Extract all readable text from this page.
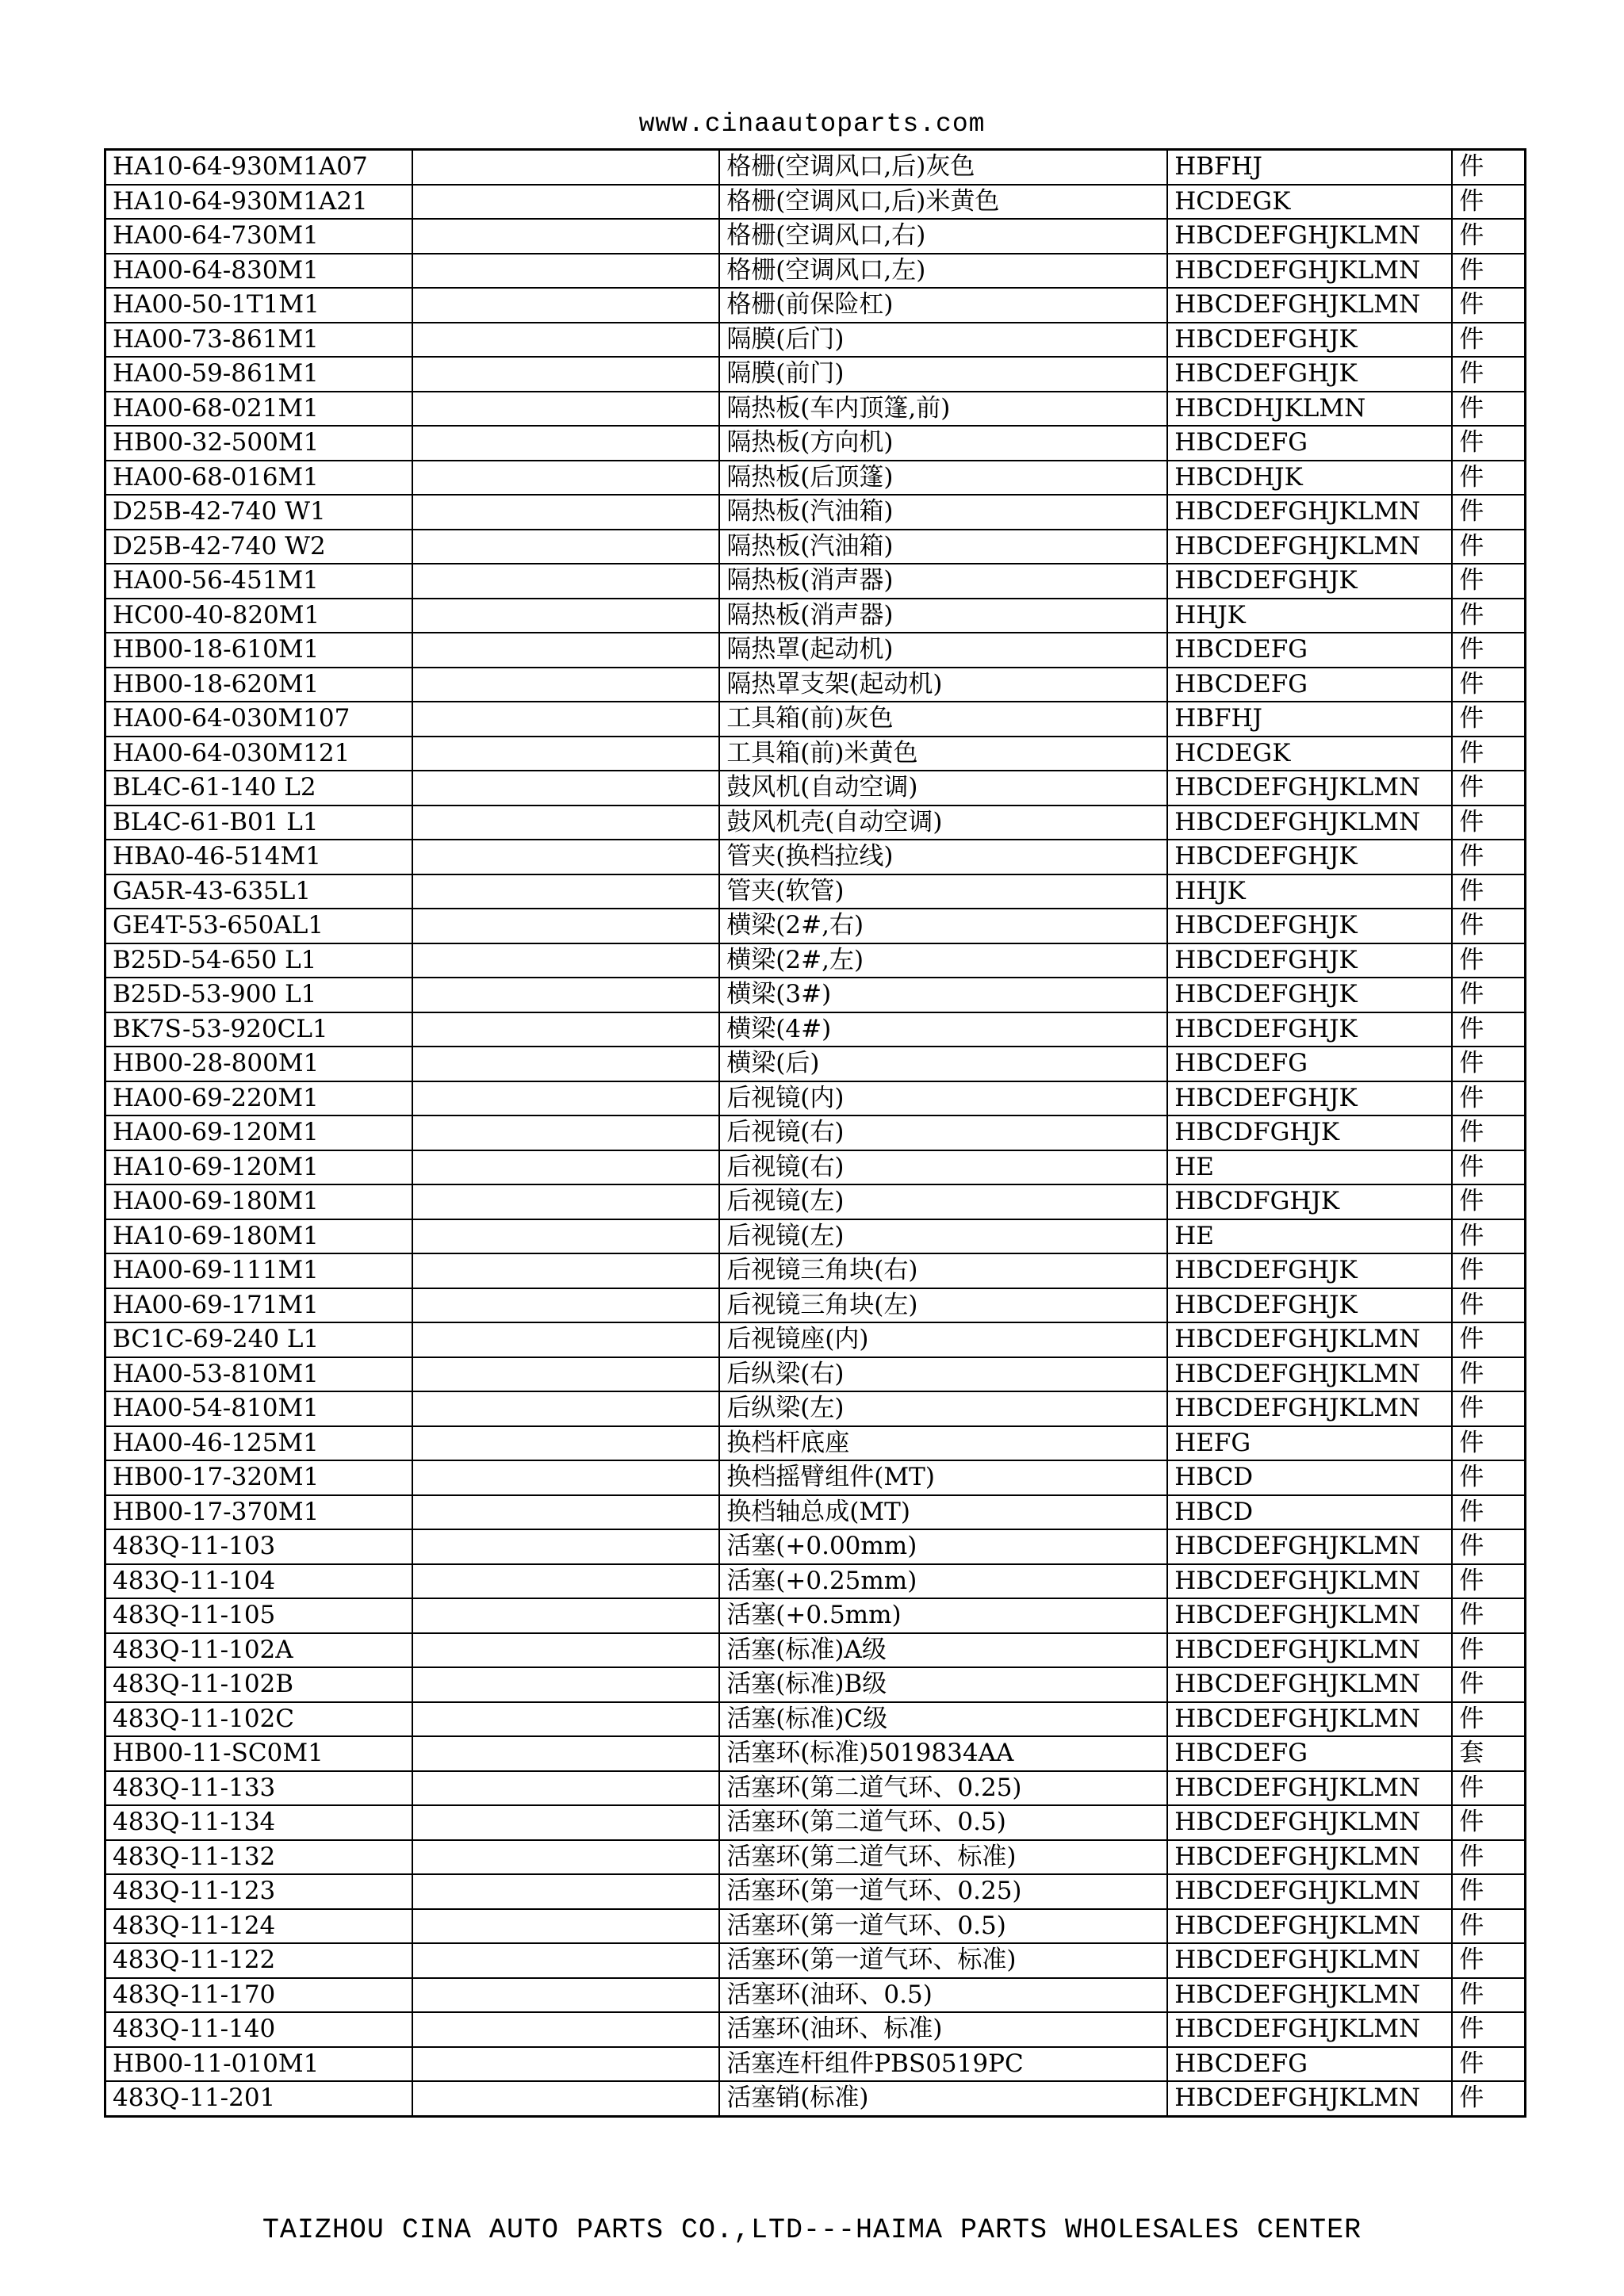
www.cinaautoparts.com
HA10-64-930M1A07		格栅(空调风口,后)灰色	HBFHJ	件
HA10-64-930M1A21		格栅(空调风口,后)米黄色	HCDEGK	件
HA00-64-730M1		格栅(空调风口,右)	HBCDEFGHJKLMN	件
HA00-64-830M1		格栅(空调风口,左)	HBCDEFGHJKLMN	件
HA00-50-1T1M1		格栅(前保险杠)	HBCDEFGHJKLMN	件
HA00-73-861M1		隔膜(后门)	HBCDEFGHJK	件
HA00-59-861M1		隔膜(前门)	HBCDEFGHJK	件
HA00-68-021M1		隔热板(车内顶篷,前)	HBCDHJKLMN	件
HB00-32-500M1		隔热板(方向机)	HBCDEFG	件
HA00-68-016M1		隔热板(后顶篷)	HBCDHJK	件
D25B-42-740 W1		隔热板(汽油箱)	HBCDEFGHJKLMN	件
D25B-42-740 W2		隔热板(汽油箱)	HBCDEFGHJKLMN	件
HA00-56-451M1		隔热板(消声器)	HBCDEFGHJK	件
HC00-40-820M1		隔热板(消声器)	HHJK	件
HB00-18-610M1		隔热罩(起动机)	HBCDEFG	件
HB00-18-620M1		隔热罩支架(起动机)	HBCDEFG	件
HA00-64-030M107		工具箱(前)灰色	HBFHJ	件
HA00-64-030M121		工具箱(前)米黄色	HCDEGK	件
BL4C-61-140 L2		鼓风机(自动空调)	HBCDEFGHJKLMN	件
BL4C-61-B01 L1		鼓风机壳(自动空调)	HBCDEFGHJKLMN	件
HBA0-46-514M1		管夹(换档拉线)	HBCDEFGHJK	件
GA5R-43-635L1		管夹(软管)	HHJK	件
GE4T-53-650AL1		横梁(2#,右)	HBCDEFGHJK	件
B25D-54-650 L1		横梁(2#,左)	HBCDEFGHJK	件
B25D-53-900 L1		横梁(3#)	HBCDEFGHJK	件
BK7S-53-920CL1		横梁(4#)	HBCDEFGHJK	件
HB00-28-800M1		横梁(后)	HBCDEFG	件
HA00-69-220M1		后视镜(内)	HBCDEFGHJK	件
HA00-69-120M1		后视镜(右)	HBCDFGHJK	件
HA10-69-120M1		后视镜(右)	HE	件
HA00-69-180M1		后视镜(左)	HBCDFGHJK	件
HA10-69-180M1		后视镜(左)	HE	件
HA00-69-111M1		后视镜三角块(右)	HBCDEFGHJK	件
HA00-69-171M1		后视镜三角块(左)	HBCDEFGHJK	件
BC1C-69-240 L1		后视镜座(内)	HBCDEFGHJKLMN	件
HA00-53-810M1		后纵梁(右)	HBCDEFGHJKLMN	件
HA00-54-810M1		后纵梁(左)	HBCDEFGHJKLMN	件
HA00-46-125M1		换档杆底座	HEFG	件
HB00-17-320M1		换档摇臂组件(MT)	HBCD	件
HB00-17-370M1		换档轴总成(MT)	HBCD	件
483Q-11-103		活塞(+0.00mm)	HBCDEFGHJKLMN	件
483Q-11-104		活塞(+0.25mm)	HBCDEFGHJKLMN	件
483Q-11-105		活塞(+0.5mm)	HBCDEFGHJKLMN	件
483Q-11-102A		活塞(标准)A级	HBCDEFGHJKLMN	件
483Q-11-102B		活塞(标准)B级	HBCDEFGHJKLMN	件
483Q-11-102C		活塞(标准)C级	HBCDEFGHJKLMN	件
HB00-11-SC0M1		活塞环(标准)5019834AA	HBCDEFG	套
483Q-11-133		活塞环(第二道气环、0.25)	HBCDEFGHJKLMN	件
483Q-11-134		活塞环(第二道气环、0.5)	HBCDEFGHJKLMN	件
483Q-11-132		活塞环(第二道气环、标准)	HBCDEFGHJKLMN	件
483Q-11-123		活塞环(第一道气环、0.25)	HBCDEFGHJKLMN	件
483Q-11-124		活塞环(第一道气环、0.5)	HBCDEFGHJKLMN	件
483Q-11-122		活塞环(第一道气环、标准)	HBCDEFGHJKLMN	件
483Q-11-170		活塞环(油环、0.5)	HBCDEFGHJKLMN	件
483Q-11-140		活塞环(油环、标准)	HBCDEFGHJKLMN	件
HB00-11-010M1		活塞连杆组件PBS0519PC	HBCDEFG	件
483Q-11-201		活塞销(标准)	HBCDEFGHJKLMN	件
TAIZHOU CINA AUTO PARTS CO.,LTD---HAIMA PARTS WHOLESALES CENTER
